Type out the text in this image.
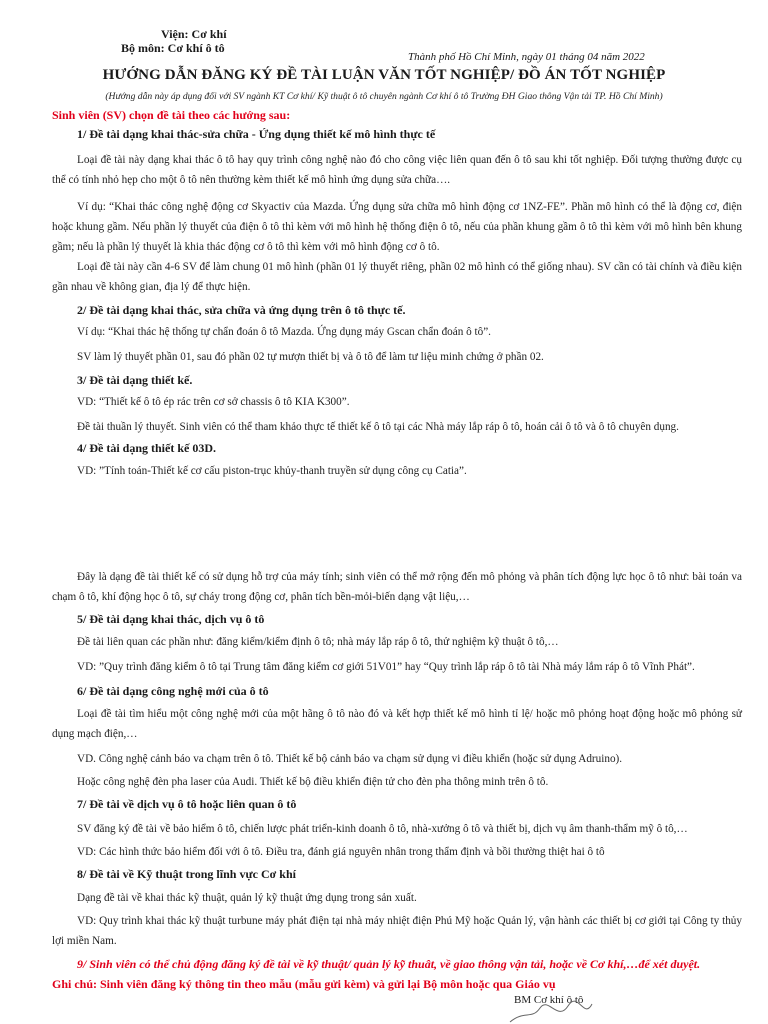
Viện: Cơ khí
Bộ môn: Cơ khí ô tô
Thành phố Hồ Chí Minh, ngày 01 tháng 04 năm 2022
HƯỚNG DẪN ĐĂNG KÝ ĐỀ TÀI LUẬN VĂN TỐT NGHIỆP/ ĐỒ ÁN TỐT NGHIỆP
(Hướng dẫn này áp dụng đối với SV ngành KT Cơ khí/ Kỹ thuật ô tô chuyên ngành Cơ khí ô tô Trường ĐH Giao thông Vận tải TP. Hồ Chí Minh)
Sinh viên (SV) chọn đề tài theo các hướng sau:
1/ Đề tài dạng khai thác-sửa chữa - Ứng dụng thiết kế mô hình thực tế
Loại đề tài này dạng khai thác ô tô hay quy trình công nghệ nào đó cho công việc liên quan đến ô tô sau khi tốt nghiệp. Đối tượng thường được cụ thể có tính nhỏ hẹp cho một ô tô nên thường kèm thiết kế mô hình ứng dụng sửa chữa….
Ví dụ: “Khai thác công nghệ động cơ Skyactiv của Mazda. Ứng dụng sửa chữa mô hình động cơ 1NZ-FE”. Phần mô hình có thể là động cơ, điện hoặc khung gầm. Nếu phần lý thuyết của điện ô tô thì kèm với mô hình hệ thống điện ô tô, nếu của phần khung gầm ô tô thì kèm với mô hình bên khung gầm; nếu là phần lý thuyết là khia thác động cơ ô tô thì kèm với mô hình động cơ ô tô.
Loại đề tài này cần 4-6 SV để làm chung 01 mô hình (phần 01 lý thuyết riêng, phần 02 mô hình có thể giống nhau). SV cần có tài chính và điều kiện gần nhau về không gian, địa lý để thực hiện.
2/ Đề tài dạng khai thác, sửa chữa và ứng dụng trên ô tô thực tế.
Ví dụ: “Khai thác hệ thống tự chẩn đoán ô tô Mazda. Ứng dụng máy Gscan chẩn đoán ô tô”.
SV làm lý thuyết phần 01, sau đó phần 02 tự mượn thiết bị và ô tô để làm tư liệu minh chứng ở phần 02.
3/ Đề tài dạng thiết kế.
VD: “Thiết kế ô tô ép rác trên cơ sở chassis ô tô KIA K300”.
Đề tài thuần lý thuyết. Sinh viên có thể tham khảo thực tế thiết kế ô tô tại các Nhà máy lắp ráp ô tô, hoán cải ô tô và ô tô chuyên dụng.
4/ Đề tài dạng thiết kế 03D.
VD: ”Tính toán-Thiết kế cơ cấu piston-trục khủy-thanh truyền sử dụng công cụ Catia”.
Đây là dạng đề tài thiết kế có sử dụng hỗ trợ của máy tính; sinh viên có thể mở rộng đến mô phỏng và phân tích động lực học ô tô như: bài toán va chạm ô tô, khí động học ô tô, sự cháy trong động cơ, phân tích bền-mỏi-biến dạng vật liệu,…
5/ Đề tài dạng khai thác, dịch vụ ô tô
Đề tài liên quan các phần như: đăng kiểm/kiểm định ô tô; nhà máy lắp ráp ô tô, thử nghiệm kỹ thuật ô tô,…
VD: ”Quy trình đăng kiểm ô tô tại Trung tâm đăng kiểm cơ giới 51V01” hay “Quy trình lắp ráp ô tô tài Nhà máy lắm ráp ô tô Vĩnh Phát”.
6/ Đề tài dạng công nghệ mới của ô tô
Loại đề tài tìm hiểu một công nghệ mới của một hãng ô tô nào đó và kết hợp thiết kế mô hình tỉ lệ/ hoặc mô phỏng hoạt động hoặc mô phỏng sử dụng mạch điện,…
VD. Công nghệ cảnh báo va chạm trên ô tô. Thiết kế bộ cảnh báo va chạm sử dụng vi điều khiển (hoặc sử dụng Adruino).
Hoặc công nghệ đèn pha laser của Audi. Thiết kế bộ điều khiển điện tử cho đèn pha thông minh trên ô tô.
7/ Đề tài về dịch vụ ô tô hoặc liên quan ô tô
SV đăng ký đề tài về bảo hiểm ô tô, chiến lược phát triển-kinh doanh ô tô, nhà-xưởng ô tô và thiết bị, dịch vụ âm thanh-thẩm mỹ ô tô,…
VD: Các hình thức bảo hiểm đối với ô tô. Điều tra, đánh giá nguyên nhân trong thẩm định và bồi thường thiệt hai ô tô
8/ Đề tài về Kỹ thuật trong lĩnh vực Cơ khí
Dạng đề tài về khai thác kỹ thuật, quản lý kỹ thuật ứng dụng trong sản xuất.
VD: Quy trình khai thác kỹ thuật turbune máy phát điện tại nhà máy nhiệt điện Phú Mỹ hoặc Quản lý, vận hành các thiết bị cơ giới tại Công ty thủy lợi miền Nam.
9/ Sinh viên có thể chủ động đăng ký đề tài về kỹ thuật/ quản lý kỹ thuât, về giao thông vận tải, hoặc về Cơ khí,…để xét duyệt.
Ghi chú: Sinh viên đăng ký thông tin theo mẫu (mẫu gửi kèm) và gửi lại Bộ môn hoặc qua Giáo vụ
BM Cơ khí ô tô
